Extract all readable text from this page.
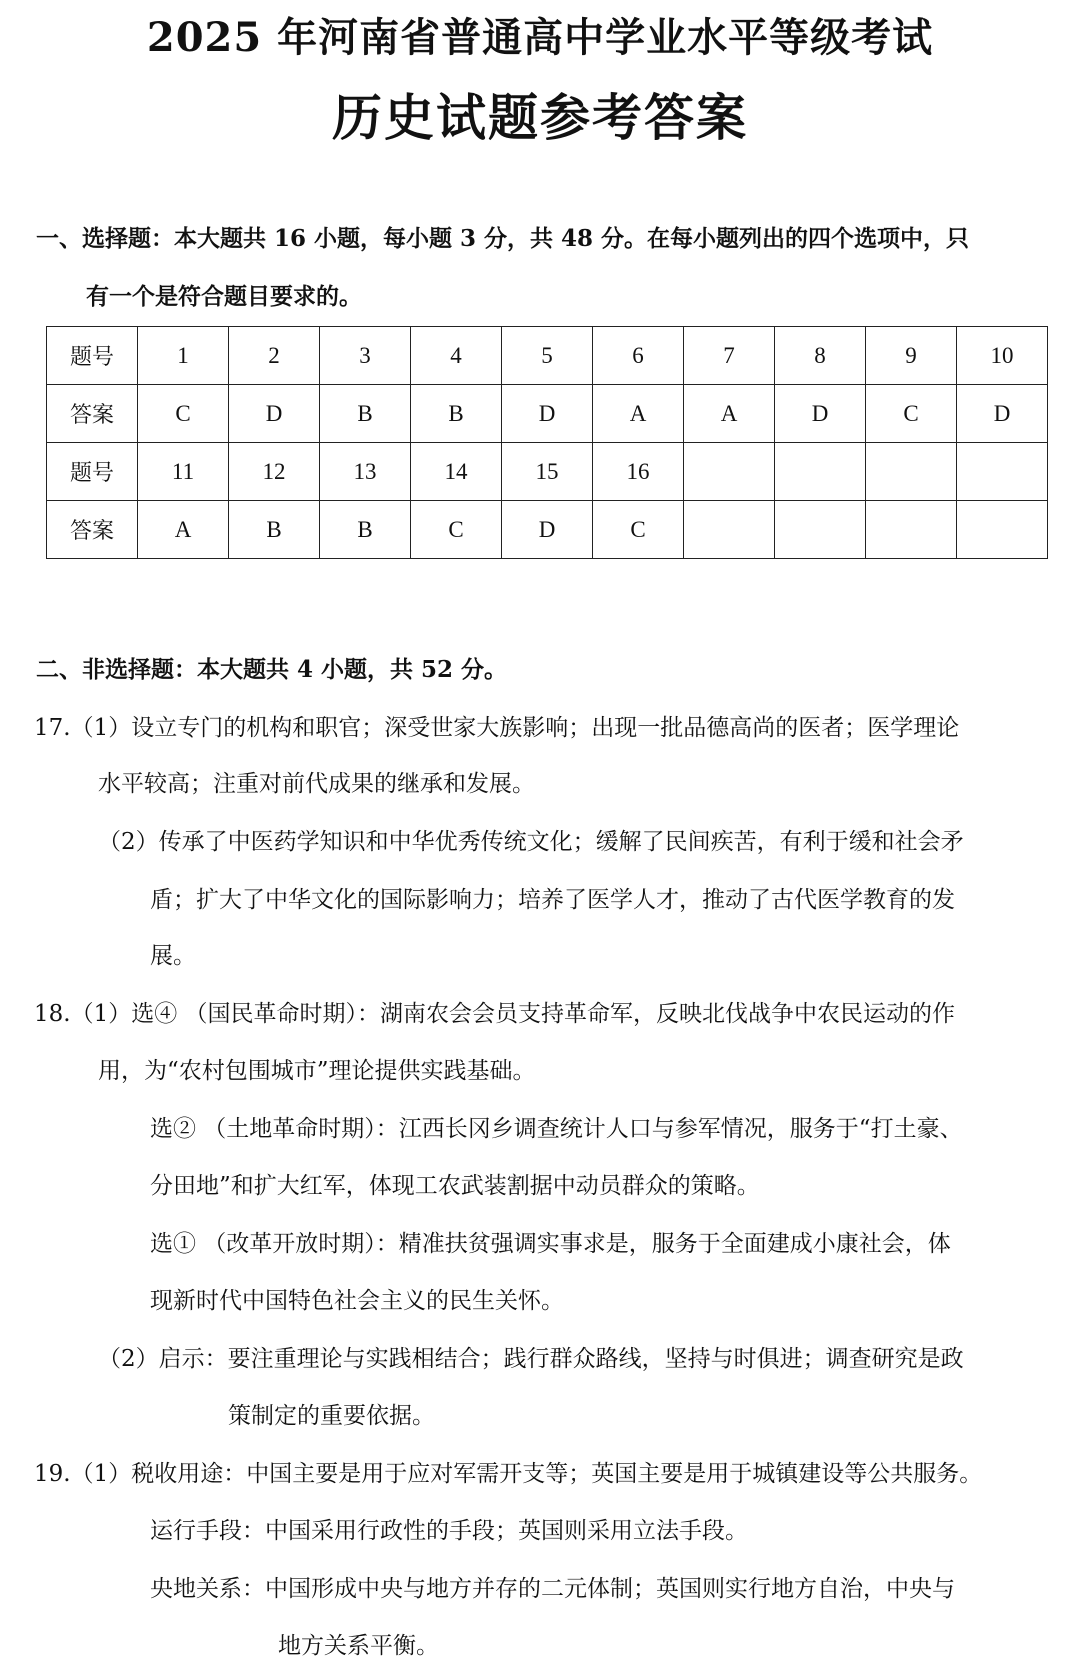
2025 年河南省普通高中学业水平等级考试
历史试题参考答案
一、选择题：本大题共 16 小题，每小题 3 分，共 48 分。在每小题列出的四个选项中，只
有一个是符合题目要求的。
题号	1	2	3	4	5	6	7	8	9	10
答案	C	D	B	B	D	A	A	D	C	D
题号	11	12	13	14	15	16				
答案	A	B	B	C	D	C				
二、非选择题：本大题共 4 小题，共 52 分。
17.（1）设立专门的机构和职官；深受世家大族影响；出现一批品德高尚的医者；医学理论
水平较高；注重对前代成果的继承和发展。
（2）传承了中医药学知识和中华优秀传统文化；缓解了民间疾苦，有利于缓和社会矛
盾；扩大了中华文化的国际影响力；培养了医学人才，推动了古代医学教育的发
展。
18.（1）选④ （国民革命时期）：湖南农会会员支持革命军，反映北伐战争中农民运动的作
用，为“农村包围城市”理论提供实践基础。
选② （土地革命时期）：江西长冈乡调查统计人口与参军情况，服务于“打土豪、
分田地”和扩大红军，体现工农武装割据中动员群众的策略。
选① （改革开放时期）：精准扶贫强调实事求是，服务于全面建成小康社会，体
现新时代中国特色社会主义的民生关怀。
（2）启示：要注重理论与实践相结合；践行群众路线，坚持与时俱进；调查研究是政
策制定的重要依据。
19.（1）税收用途：中国主要是用于应对军需开支等；英国主要是用于城镇建设等公共服务。
运行手段：中国采用行政性的手段；英国则采用立法手段。
央地关系：中国形成中央与地方并存的二元体制；英国则实行地方自治，中央与
地方关系平衡。
